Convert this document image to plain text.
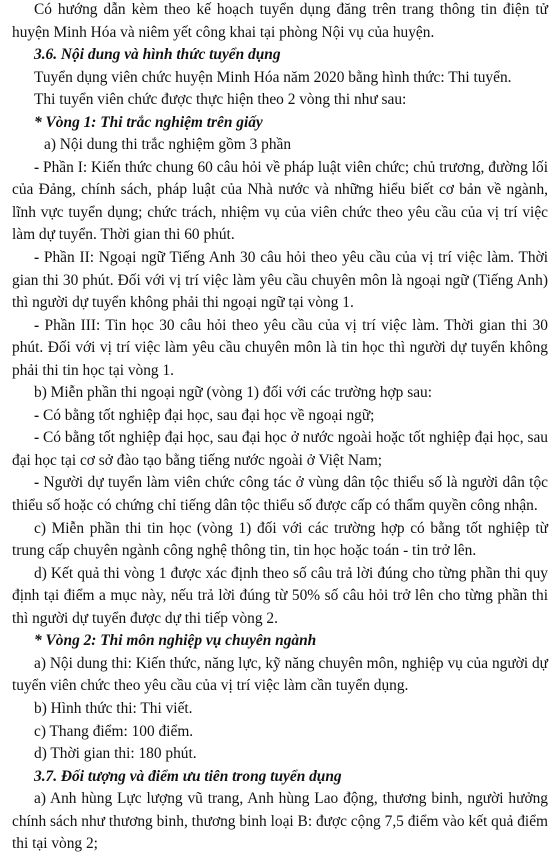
Có hướng dẫn kèm theo kế hoạch tuyển dụng đăng trên trang thông tin điện tử huyện Minh Hóa và niêm yết công khai tại phòng Nội vụ của huyện.

3.6. Nội dung và hình thức tuyển dụng

Tuyển dụng viên chức huyện Minh Hóa năm 2020 bằng hình thức: Thi tuyển.

Thi tuyển viên chức được thực hiện theo 2 vòng thi như sau:

* Vòng 1: Thi trắc nghiệm trên giấy

a) Nội dung thi trắc nghiệm gồm 3 phần

- Phần I: Kiến thức chung 60 câu hỏi về pháp luật viên chức; chủ trương, đường lối của Đảng, chính sách, pháp luật của Nhà nước và những hiểu biết cơ bản về ngành, lĩnh vực tuyển dụng; chức trách, nhiệm vụ của viên chức theo yêu cầu của vị trí việc làm dự tuyển. Thời gian thi 60 phút.

- Phần II: Ngoại ngữ Tiếng Anh 30 câu hỏi theo yêu cầu của vị trí việc làm. Thời gian thi 30 phút. Đối với vị trí việc làm yêu cầu chuyên môn là ngoại ngữ (Tiếng Anh) thì người dự tuyển không phải thi ngoại ngữ tại vòng 1.

- Phần III: Tin học 30 câu hỏi theo yêu cầu của vị trí việc làm. Thời gian thi 30 phút. Đối với vị trí việc làm yêu cầu chuyên môn là tin học thì người dự tuyển không phải thi tin học tại vòng 1.

b) Miễn phần thi ngoại ngữ (vòng 1) đối với các trường hợp sau:

- Có bằng tốt nghiệp đại học, sau đại học về ngoại ngữ;

- Có bằng tốt nghiệp đại học, sau đại học ở nước ngoài hoặc tốt nghiệp đại học, sau đại học tại cơ sở đào tạo bằng tiếng nước ngoài ở Việt Nam;

- Người dự tuyển làm viên chức công tác ở vùng dân tộc thiểu số là người dân tộc thiểu số hoặc có chứng chỉ tiếng dân tộc thiểu số được cấp có thẩm quyền công nhận.

c) Miễn phần thi tin học (vòng 1) đối với các trường hợp có bằng tốt nghiệp từ trung cấp chuyên ngành công nghệ thông tin, tin học hoặc toán - tin trở lên.

d) Kết quả thi vòng 1 được xác định theo số câu trả lời đúng cho từng phần thi quy định tại điểm a mục này, nếu trả lời đúng từ 50% số câu hỏi trở lên cho từng phần thi thì người dự tuyển được dự thi tiếp vòng 2.

* Vòng 2: Thi môn nghiệp vụ chuyên ngành

a) Nội dung thi: Kiến thức, năng lực, kỹ năng chuyên môn, nghiệp vụ của người dự tuyển viên chức theo yêu cầu của vị trí việc làm cần tuyển dụng.

b) Hình thức thi: Thi viết.

c) Thang điểm: 100 điểm.

d) Thời gian thi: 180 phút.

3.7. Đối tượng và điểm ưu tiên trong tuyển dụng

a) Anh hùng Lực lượng vũ trang, Anh hùng Lao động, thương binh, người hưởng chính sách như thương binh, thương binh loại B: được cộng 7,5 điểm vào kết quả điểm thi tại vòng 2;
